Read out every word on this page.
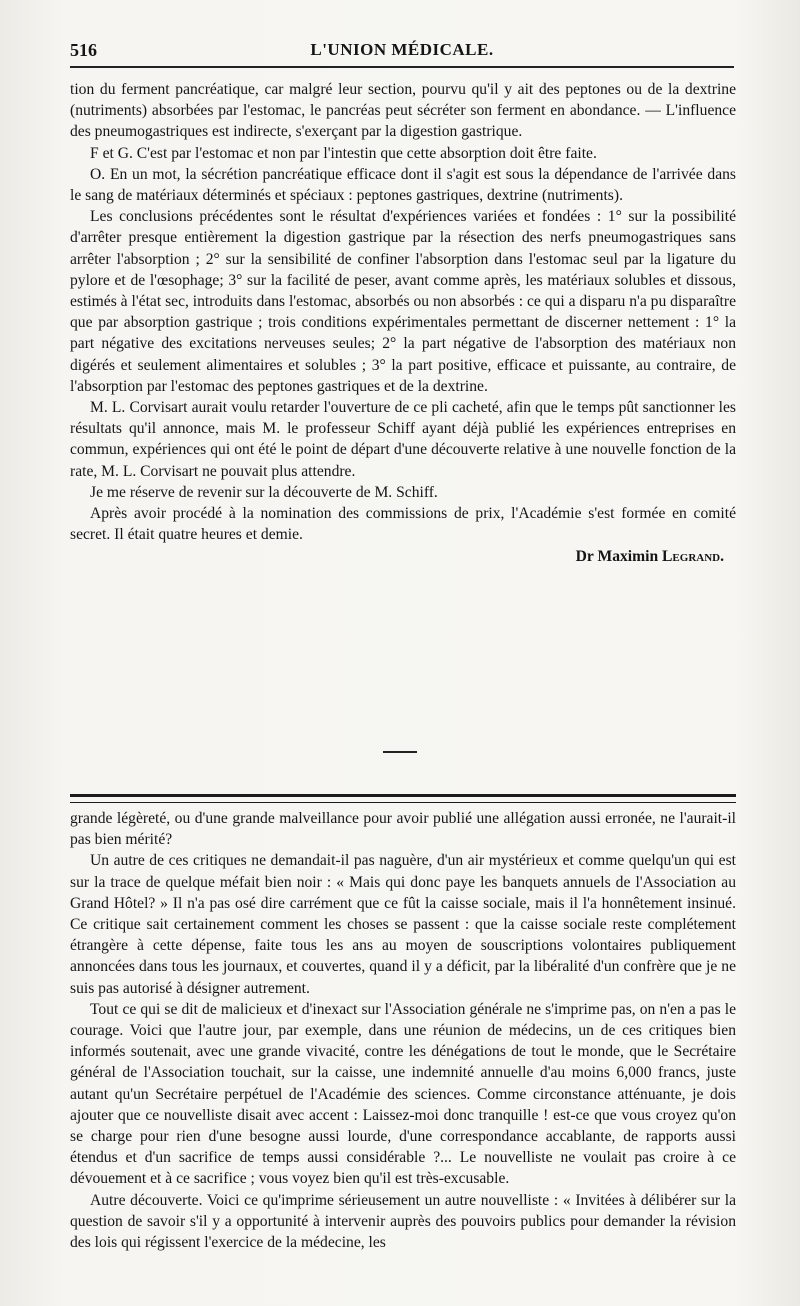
516	L'UNION MÉDICALE.

tion du ferment pancréatique, car malgré leur section, pourvu qu'il y ait des peptones ou de la dextrine (nutriments) absorbées par l'estomac, le pancréas peut sécréter son ferment en abondance. — L'influence des pneumogastriques est indirecte, s'exerçant par la digestion gastrique.

F et G. C'est par l'estomac et non par l'intestin que cette absorption doit être faite.

O. En un mot, la sécrétion pancréatique efficace dont il s'agit est sous la dépendance de l'arrivée dans le sang de matériaux déterminés et spéciaux : peptones gastriques, dextrine (nutriments).

Les conclusions précédentes sont le résultat d'expériences variées et fondées : 1° sur la possibilité d'arrêter presque entièrement la digestion gastrique par la résection des nerfs pneumogastriques sans arrêter l'absorption ; 2° sur la sensibilité de confiner l'absorption dans l'estomac seul par la ligature du pylore et de l'œsophage; 3° sur la facilité de peser, avant comme après, les matériaux solubles et dissous, estimés à l'état sec, introduits dans l'estomac, absorbés ou non absorbés : ce qui a disparu n'a pu disparaître que par absorption gastrique ; trois conditions expérimentales permettant de discerner nettement : 1° la part négative des excitations nerveuses seules; 2° la part négative de l'absorption des matériaux non digérés et seulement alimentaires et solubles ; 3° la part positive, efficace et puissante, au contraire, de l'absorption par l'estomac des peptones gastriques et de la dextrine.

M. L. Corvisart aurait voulu retarder l'ouverture de ce pli cacheté, afin que le temps pût sanctionner les résultats qu'il annonce, mais M. le professeur Schiff ayant déjà publié les expériences entreprises en commun, expériences qui ont été le point de départ d'une découverte relative à une nouvelle fonction de la rate, M. L. Corvisart ne pouvait plus attendre.

Je me réserve de revenir sur la découverte de M. Schiff.

Après avoir procédé à la nomination des commissions de prix, l'Académie s'est formée en comité secret. Il était quatre heures et demie.

Dr Maximin Legrand.

grande légèreté, ou d'une grande malveillance pour avoir publié une allégation aussi erronée, ne l'aurait-il pas bien mérité?

Un autre de ces critiques ne demandait-il pas naguère, d'un air mystérieux et comme quelqu'un qui est sur la trace de quelque méfait bien noir : « Mais qui donc paye les banquets annuels de l'Association au Grand Hôtel? » Il n'a pas osé dire carrément que ce fût la caisse sociale, mais il l'a honnêtement insinué. Ce critique sait certainement comment les choses se passent : que la caisse sociale reste complétement étrangère à cette dépense, faite tous les ans au moyen de souscriptions volontaires publiquement annoncées dans tous les journaux, et couvertes, quand il y a déficit, par la libéralité d'un confrère que je ne suis pas autorisé à désigner autrement.

Tout ce qui se dit de malicieux et d'inexact sur l'Association générale ne s'imprime pas, on n'en a pas le courage. Voici que l'autre jour, par exemple, dans une réunion de médecins, un de ces critiques bien informés soutenait, avec une grande vivacité, contre les dénégations de tout le monde, que le Secrétaire général de l'Association touchait, sur la caisse, une indemnité annuelle d'au moins 6,000 francs, juste autant qu'un Secrétaire perpétuel de l'Académie des sciences. Comme circonstance atténuante, je dois ajouter que ce nouvelliste disait avec accent : Laissez-moi donc tranquille ! est-ce que vous croyez qu'on se charge pour rien d'une besogne aussi lourde, d'une correspondance accablante, de rapports aussi étendus et d'un sacrifice de temps aussi considérable ?... Le nouvelliste ne voulait pas croire à ce dévouement et à ce sacrifice ; vous voyez bien qu'il est très-excusable.

Autre découverte. Voici ce qu'imprime sérieusement un autre nouvelliste : « Invitées à délibérer sur la question de savoir s'il y a opportunité à intervenir auprès des pouvoirs publics pour demander la révision des lois qui régissent l'exercice de la médecine, les
